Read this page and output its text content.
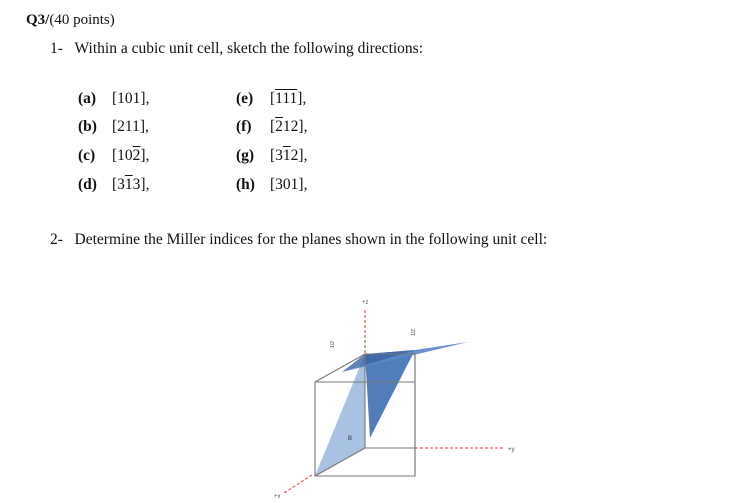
Q3/(40 points)
1- Within a cubic unit cell, sketch the following directions:
(a) [101],
(b) [211],
(c) [102],
(d) [313],
(e) [111],
(f) [212],
(g) [312],
(h) [301],
2- Determine the Miller indices for the planes shown in the following unit cell:
+z
+y
+x
A
B
1/2
1/2
